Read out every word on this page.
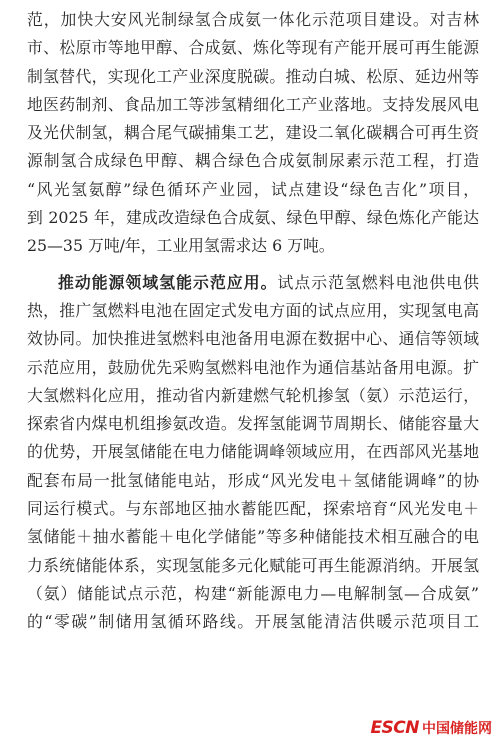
范，加快大安风光制绿氢合成氨一体化示范项目建设。对吉林
市、松原市等地甲醇、合成氨、炼化等现有产能开展可再生能源
制氢替代，实现化工产业深度脱碳。推动白城、松原、延边州等
地医药制剂、食品加工等涉氢精细化工产业落地。支持发展风电
及光伏制氢，耦合尾气碳捕集工艺，建设二氧化碳耦合可再生资
源制氢合成绿色甲醇、耦合绿色合成氨制尿素示范工程，打造
“风光氢氨醇”绿色循环产业园，试点建设“绿色吉化”项目，
到 2025 年，建成改造绿色合成氨、绿色甲醇、绿色炼化产能达
25—35 万吨/年，工业用氢需求达 6 万吨。
推动能源领域氢能示范应用。试点示范氢燃料电池供电供
热，推广氢燃料电池在固定式发电方面的试点应用，实现氢电高
效协同。加快推进氢燃料电池备用电源在数据中心、通信等领域
示范应用，鼓励优先采购氢燃料电池作为通信基站备用电源。扩
大氢燃料化应用，推动省内新建燃气轮机掺氢（氨）示范运行，
探索省内煤电机组掺氨改造。发挥氢能调节周期长、储能容量大
的优势，开展氢储能在电力储能调峰领域应用，在西部风光基地
配套布局一批氢储能电站，形成“风光发电＋氢储能调峰”的协
同运行模式。与东部地区抽水蓄能匹配，探索培育“风光发电＋
氢储能＋抽水蓄能＋电化学储能”等多种储能技术相互融合的电
力系统储能体系，实现氢能多元化赋能可再生能源消纳。开展氢
（氨）储能试点示范，构建“新能源电力—电解制氢—合成氨”
的“零碳”制储用氢循环路线。开展氢能清洁供暖示范项目工
ESCN 中国储能网
